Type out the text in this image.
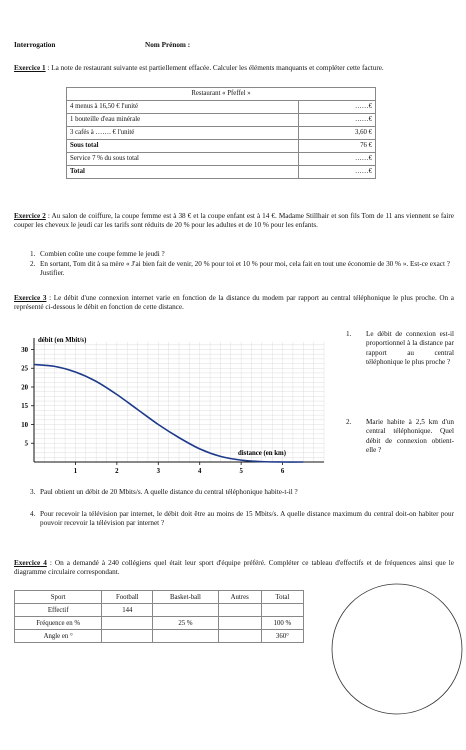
Interrogation	Nom Prénom :
Exercice 1 : La note de restaurant suivante est partiellement effacée. Calculer les éléments manquants et compléter cette facture.
Restaurant « Pfeffel »	
4 menus à 16,50 € l'unité	……€
1 bouteille d'eau minérale	……€
3 cafés à ……. € l'unité	3,60 €
Sous total	76 €
Service 7 % du sous total	……€
Total	……€
Exercice 2 : Au salon de coiffure, la coupe femme est à 38 € et la coupe enfant est à 14 €. Madame Stillhair et son fils Tom de 11 ans viennent se faire couper les cheveux le jeudi car les tarifs sont réduits de 20 % pour les adultes et de 10 % pour les enfants.
1. Combien coûte une coupe femme le jeudi ?
2. En sortant, Tom dit à sa mère « J'ai bien fait de venir, 20 % pour toi et 10 % pour moi, cela fait en tout une économie de 30 % ». Est-ce exact ? Justifier.
Exercice 3 : Le débit d'une connexion internet varie en fonction de la distance du modem par rapport au central téléphonique le plus proche. On a représenté ci-dessous le débit en fonction de cette distance.
1	2	3	4	5	6
5
10
15
20
25
30
débit (en Mbit/s)
distance (en km)
1. Le débit de connexion est-il proportionnel à la distance par rapport au central téléphonique le plus proche ?
2. Marie habite à 2,5 km d'un central téléphonique. Quel débit de connexion obtient-elle ?
3. Paul obtient un débit de 20 Mbits/s. A quelle distance du central téléphonique habite-t-il ?
4. Pour recevoir la télévision par internet, le débit doit être au moins de 15 Mbits/s. A quelle distance maximum du central doit-on habiter pour pouvoir recevoir la télévision par internet ?
Exercice 4 : On a demandé à 240 collégiens quel était leur sport d'équipe préféré. Compléter ce tableau d'effectifs et de fréquences ainsi que le diagramme circulaire correspondant.
Sport	Football	Basket-ball	Autres	Total
Effectif	144			
Fréquence en %		25 %		100 %
Angle en °				360°
